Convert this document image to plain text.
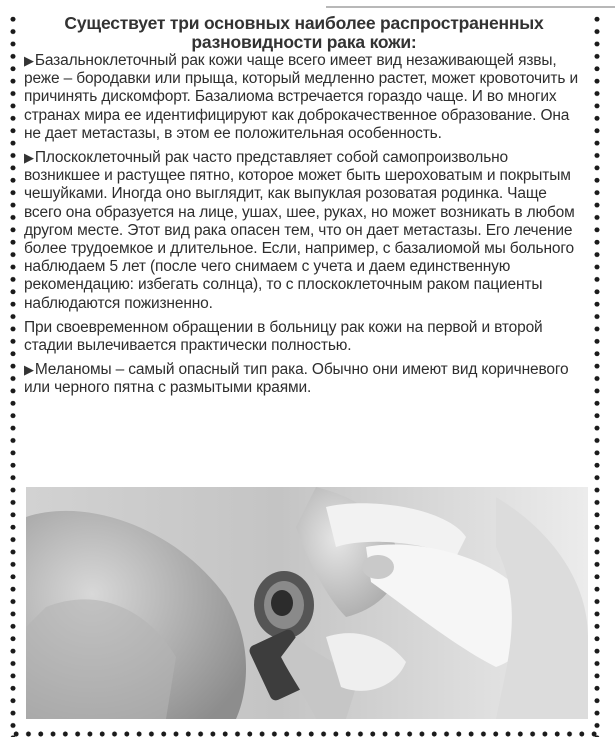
Существует три основных наиболее распространенных разновидности рака кожи:

▶Базальноклеточный рак кожи чаще всего имеет вид незаживающей язвы, реже – бородавки или прыща, который медленно растет, может кровоточить и причинять дискомфорт. Базалиома встречается гораздо чаще. И во многих странах мира ее идентифицируют как доброкачественное образование. Она не дает метастазы, в этом ее положительная особенность.

▶Плоскоклеточный рак часто представляет собой самопроизвольно возникшее и растущее пятно, которое может быть шероховатым и покрытым чешуйками. Иногда оно выглядит, как выпуклая розоватая родинка. Чаще всего она образуется на лице, ушах, шее, руках, но может возникать в любом другом месте. Этот вид рака опасен тем, что он дает метастазы. Его лечение более трудоемкое и длительное. Если, например, с базалиомой мы больного наблюдаем 5 лет (после чего снимаем с учета и даем единственную рекомендацию: избегать солнца), то с плоскоклеточным раком пациенты наблюдаются пожизненно.

При своевременном обращении в больницу рак кожи на первой и второй стадии вылечивается практически полностью.

▶Меланомы – самый опасный тип рака. Обычно они имеют вид коричневого или черного пятна с размытыми краями.
